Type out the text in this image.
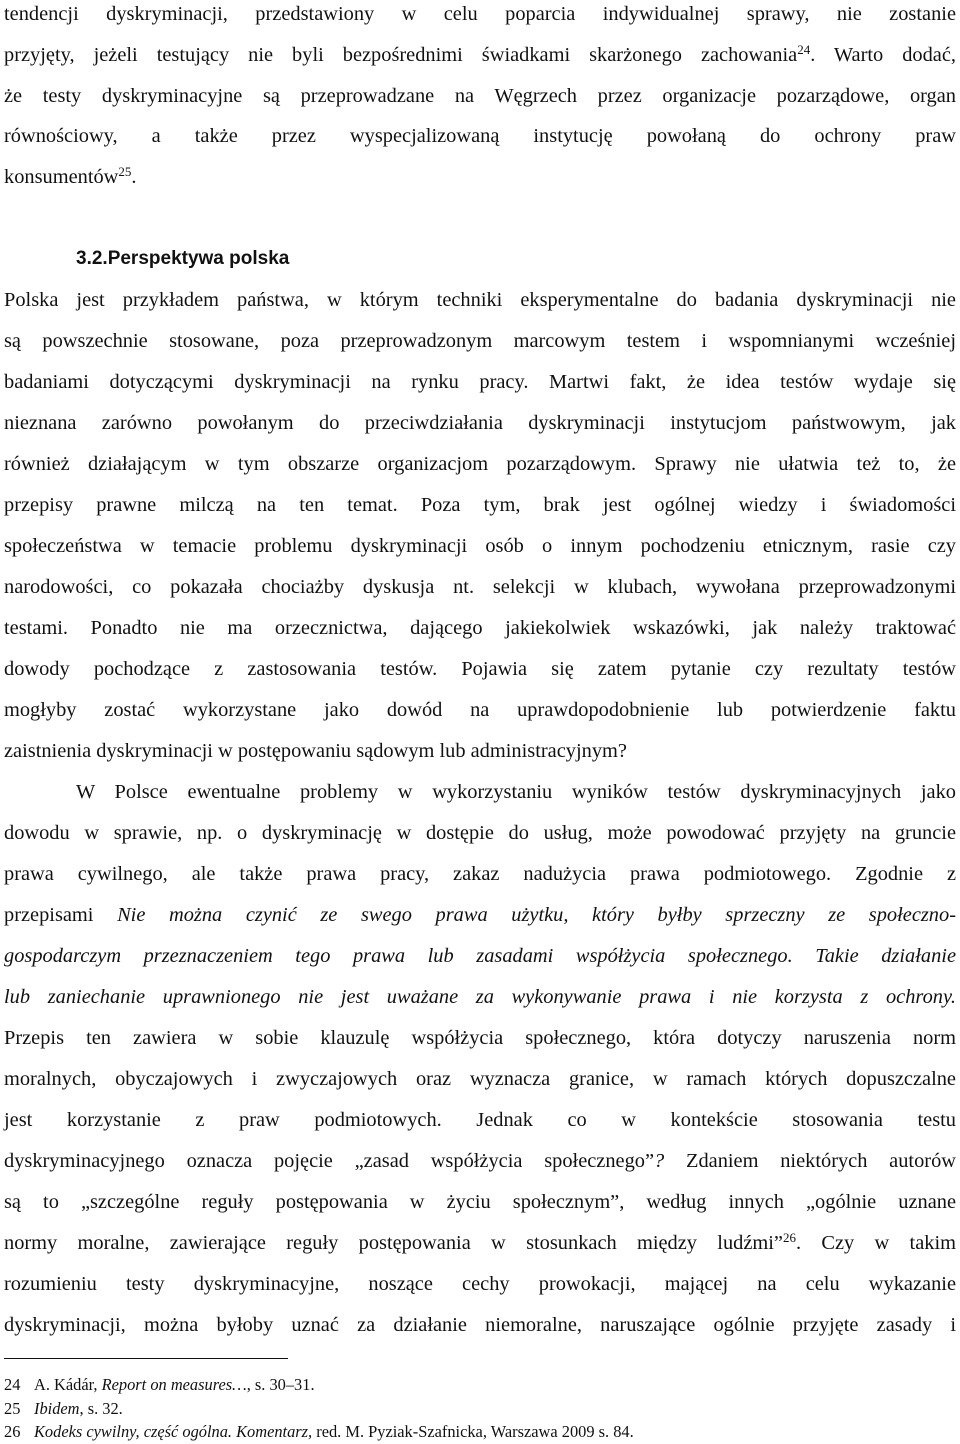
tendencji dyskryminacji, przedstawiony w celu poparcia indywidualnej sprawy, nie zostanie
przyjęty, jeżeli testujący nie byli bezpośrednimi świadkami skarżonego zachowania$^{24}$. Warto dodać,
że testy dyskryminacyjne są przeprowadzane na Węgrzech przez organizacje pozarządowe, organ
równościowy, a także przez wyspecjalizowaną instytucję powołaną do ochrony praw
konsumentów$^{25}$.
Polska jest przykładem państwa, w którym techniki eksperymentalne do badania dyskryminacji nie
są powszechnie stosowane, poza przeprowadzonym marcowym testem i wspomnianymi wcześniej
badaniami dotyczącymi dyskryminacji na rynku pracy. Martwi fakt, że idea testów wydaje się
nieznana zarówno powołanym do przeciwdziałania dyskryminacji instytucjom państwowym, jak
również działającym w tym obszarze organizacjom pozarządowym. Sprawy nie ułatwia też to, że
przepisy prawne milczą na ten temat. Poza tym, brak jest ogólnej wiedzy i świadomości
społeczeństwa w temacie problemu dyskryminacji osób o innym pochodzeniu etnicznym, rasie czy
narodowości, co pokazała chociażby dyskusja nt. selekcji w klubach, wywołana przeprowadzonymi
testami. Ponadto nie ma orzecznictwa, dającego jakiekolwiek wskazówki, jak należy traktować
dowody pochodzące z zastosowania testów. Pojawia się zatem pytanie czy rezultaty testów
mogłyby zostać wykorzystane jako dowód na uprawdopodobnienie lub potwierdzenie faktu
zaistnienia dyskryminacji w postępowaniu sądowym lub administracyjnym?
W Polsce ewentualne problemy w wykorzystaniu wyników testów dyskryminacyjnych jako
dowodu w sprawie, np. o dyskryminację w dostępie do usług, może powodować przyjęty na gruncie
prawa cywilnego, ale także prawa pracy, zakaz nadużycia prawa podmiotowego. Zgodnie z
przepisami Nie można czynić ze swego prawa użytku, który byłby sprzeczny ze społeczno-
gospodarczym przeznaczeniem tego prawa lub zasadami współżycia społecznego. Takie działanie
lub zaniechanie uprawnionego nie jest uważane za wykonywanie prawa i nie korzysta z ochrony.
Przepis ten zawiera w sobie klauzulę współżycia społecznego, która dotyczy naruszenia norm
moralnych, obyczajowych i zwyczajowych oraz wyznacza granice, w ramach których dopuszczalne
jest korzystanie z praw podmiotowych. Jednak co w kontekście stosowania testu
dyskryminacyjnego oznacza pojęcie „zasad współżycia społecznego”? Zdaniem niektórych autorów
są to „szczególne reguły postępowania w życiu społecznym”, według innych „ogólnie uznane
normy moralne, zawierające reguły postępowania w stosunkach między ludźmi”$^{26}$. Czy w takim
rozumieniu testy dyskryminacyjne, noszące cechy prowokacji, mającej na celu wykazanie
dyskryminacji, można byłoby uznać za działanie niemoralne, naruszające ogólnie przyjęte zasady i
3.2.Perspektywa polska
24 A. Kádár, Report on measures…, s. 30–31.
25 Ibidem, s. 32.
26 Kodeks cywilny, część ogólna. Komentarz, red. M. Pyziak-Szafnicka, Warszawa 2009 s. 84.
